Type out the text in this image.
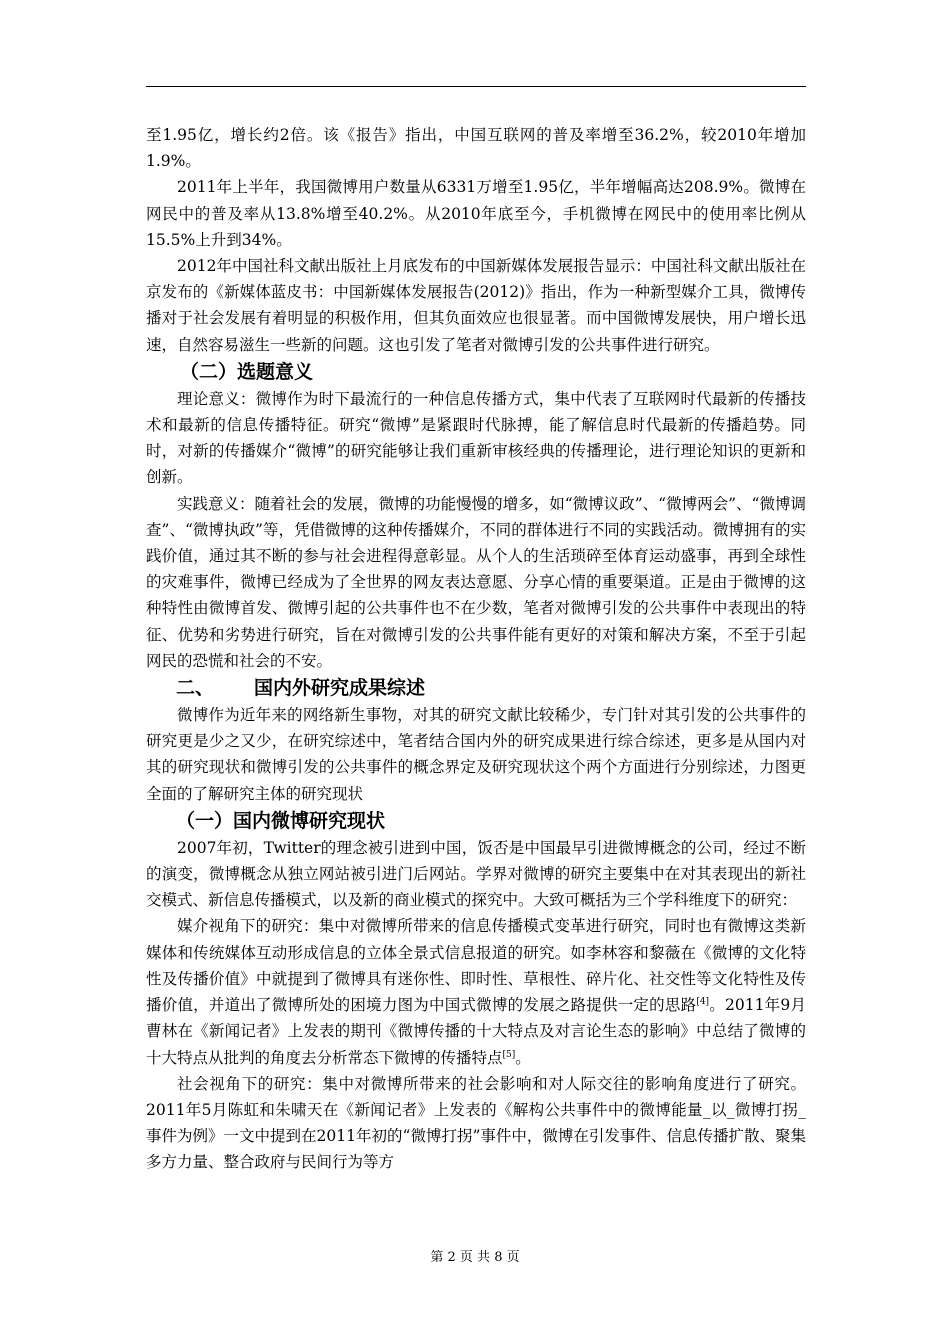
至1.95亿，增长约2倍。该《报告》指出，中国互联网的普及率增至36.2%，较2010年增加1.9%。

2011年上半年，我国微博用户数量从6331万增至1.95亿，半年增幅高达208.9%。微博在网民中的普及率从13.8%增至40.2%。从2010年底至今，手机微博在网民中的使用率比例从15.5%上升到34%。

2012年中国社科文献出版社上月底发布的中国新媒体发展报告显示：中国社科文献出版社在京发布的《新媒体蓝皮书：中国新媒体发展报告(2012)》指出，作为一种新型媒介工具，微博传播对于社会发展有着明显的积极作用，但其负面效应也很显著。而中国微博发展快，用户增长迅速，自然容易滋生一些新的问题。这也引发了笔者对微博引发的公共事件进行研究。

（二）选题意义

理论意义：微博作为时下最流行的一种信息传播方式，集中代表了互联网时代最新的传播技术和最新的信息传播特征。研究“微博”是紧跟时代脉搏，能了解信息时代最新的传播趋势。同时，对新的传播媒介“微博”的研究能够让我们重新审核经典的传播理论，进行理论知识的更新和创新。

实践意义：随着社会的发展，微博的功能慢慢的增多，如“微博议政”、“微博两会”、“微博调查”、“微博执政”等，凭借微博的这种传播媒介，不同的群体进行不同的实践活动。微博拥有的实践价值，通过其不断的参与社会进程得意彰显。从个人的生活琐碎至体育运动盛事，再到全球性的灾难事件，微博已经成为了全世界的网友表达意愿、分享心情的重要渠道。正是由于微博的这种特性由微博首发、微博引起的公共事件也不在少数，笔者对微博引发的公共事件中表现出的特征、优势和劣势进行研究，旨在对微博引发的公共事件能有更好的对策和解决方案，不至于引起网民的恐慌和社会的不安。

二、 国内外研究成果综述

微博作为近年来的网络新生事物，对其的研究文献比较稀少，专门针对其引发的公共事件的研究更是少之又少，在研究综述中，笔者结合国内外的研究成果进行综合综述，更多是从国内对其的研究现状和微博引发的公共事件的概念界定及研究现状这个两个方面进行分别综述，力图更全面的了解研究主体的研究现状

（一）国内微博研究现状

2007年初，Twitter的理念被引进到中国，饭否是中国最早引进微博概念的公司，经过不断的演变，微博概念从独立网站被引进门后网站。学界对微博的研究主要集中在对其表现出的新社交模式、新信息传播模式，以及新的商业模式的探究中。大致可概括为三个学科维度下的研究：

媒介视角下的研究：集中对微博所带来的信息传播模式变革进行研究，同时也有微博这类新媒体和传统媒体互动形成信息的立体全景式信息报道的研究。如李林容和黎薇在《微博的文化特性及传播价值》中就提到了微博具有迷你性、即时性、草根性、碎片化、社交性等文化特性及传播价值，并道出了微博所处的困境力图为中国式微博的发展之路提供一定的思路[4]。2011年9月曹林在《新闻记者》上发表的期刊《微博传播的十大特点及对言论生态的影响》中总结了微博的十大特点从批判的角度去分析常态下微博的传播特点[5]。

社会视角下的研究：集中对微博所带来的社会影响和对人际交往的影响角度进行了研究。2011年5月陈虹和朱啸天在《新闻记者》上发表的《解构公共事件中的微博能量_以_微博打拐_事件为例》一文中提到在2011年初的“微博打拐”事件中，微博在引发事件、信息传播扩散、聚集多方力量、整合政府与民间行为等方

第 2 页 共 8 页
